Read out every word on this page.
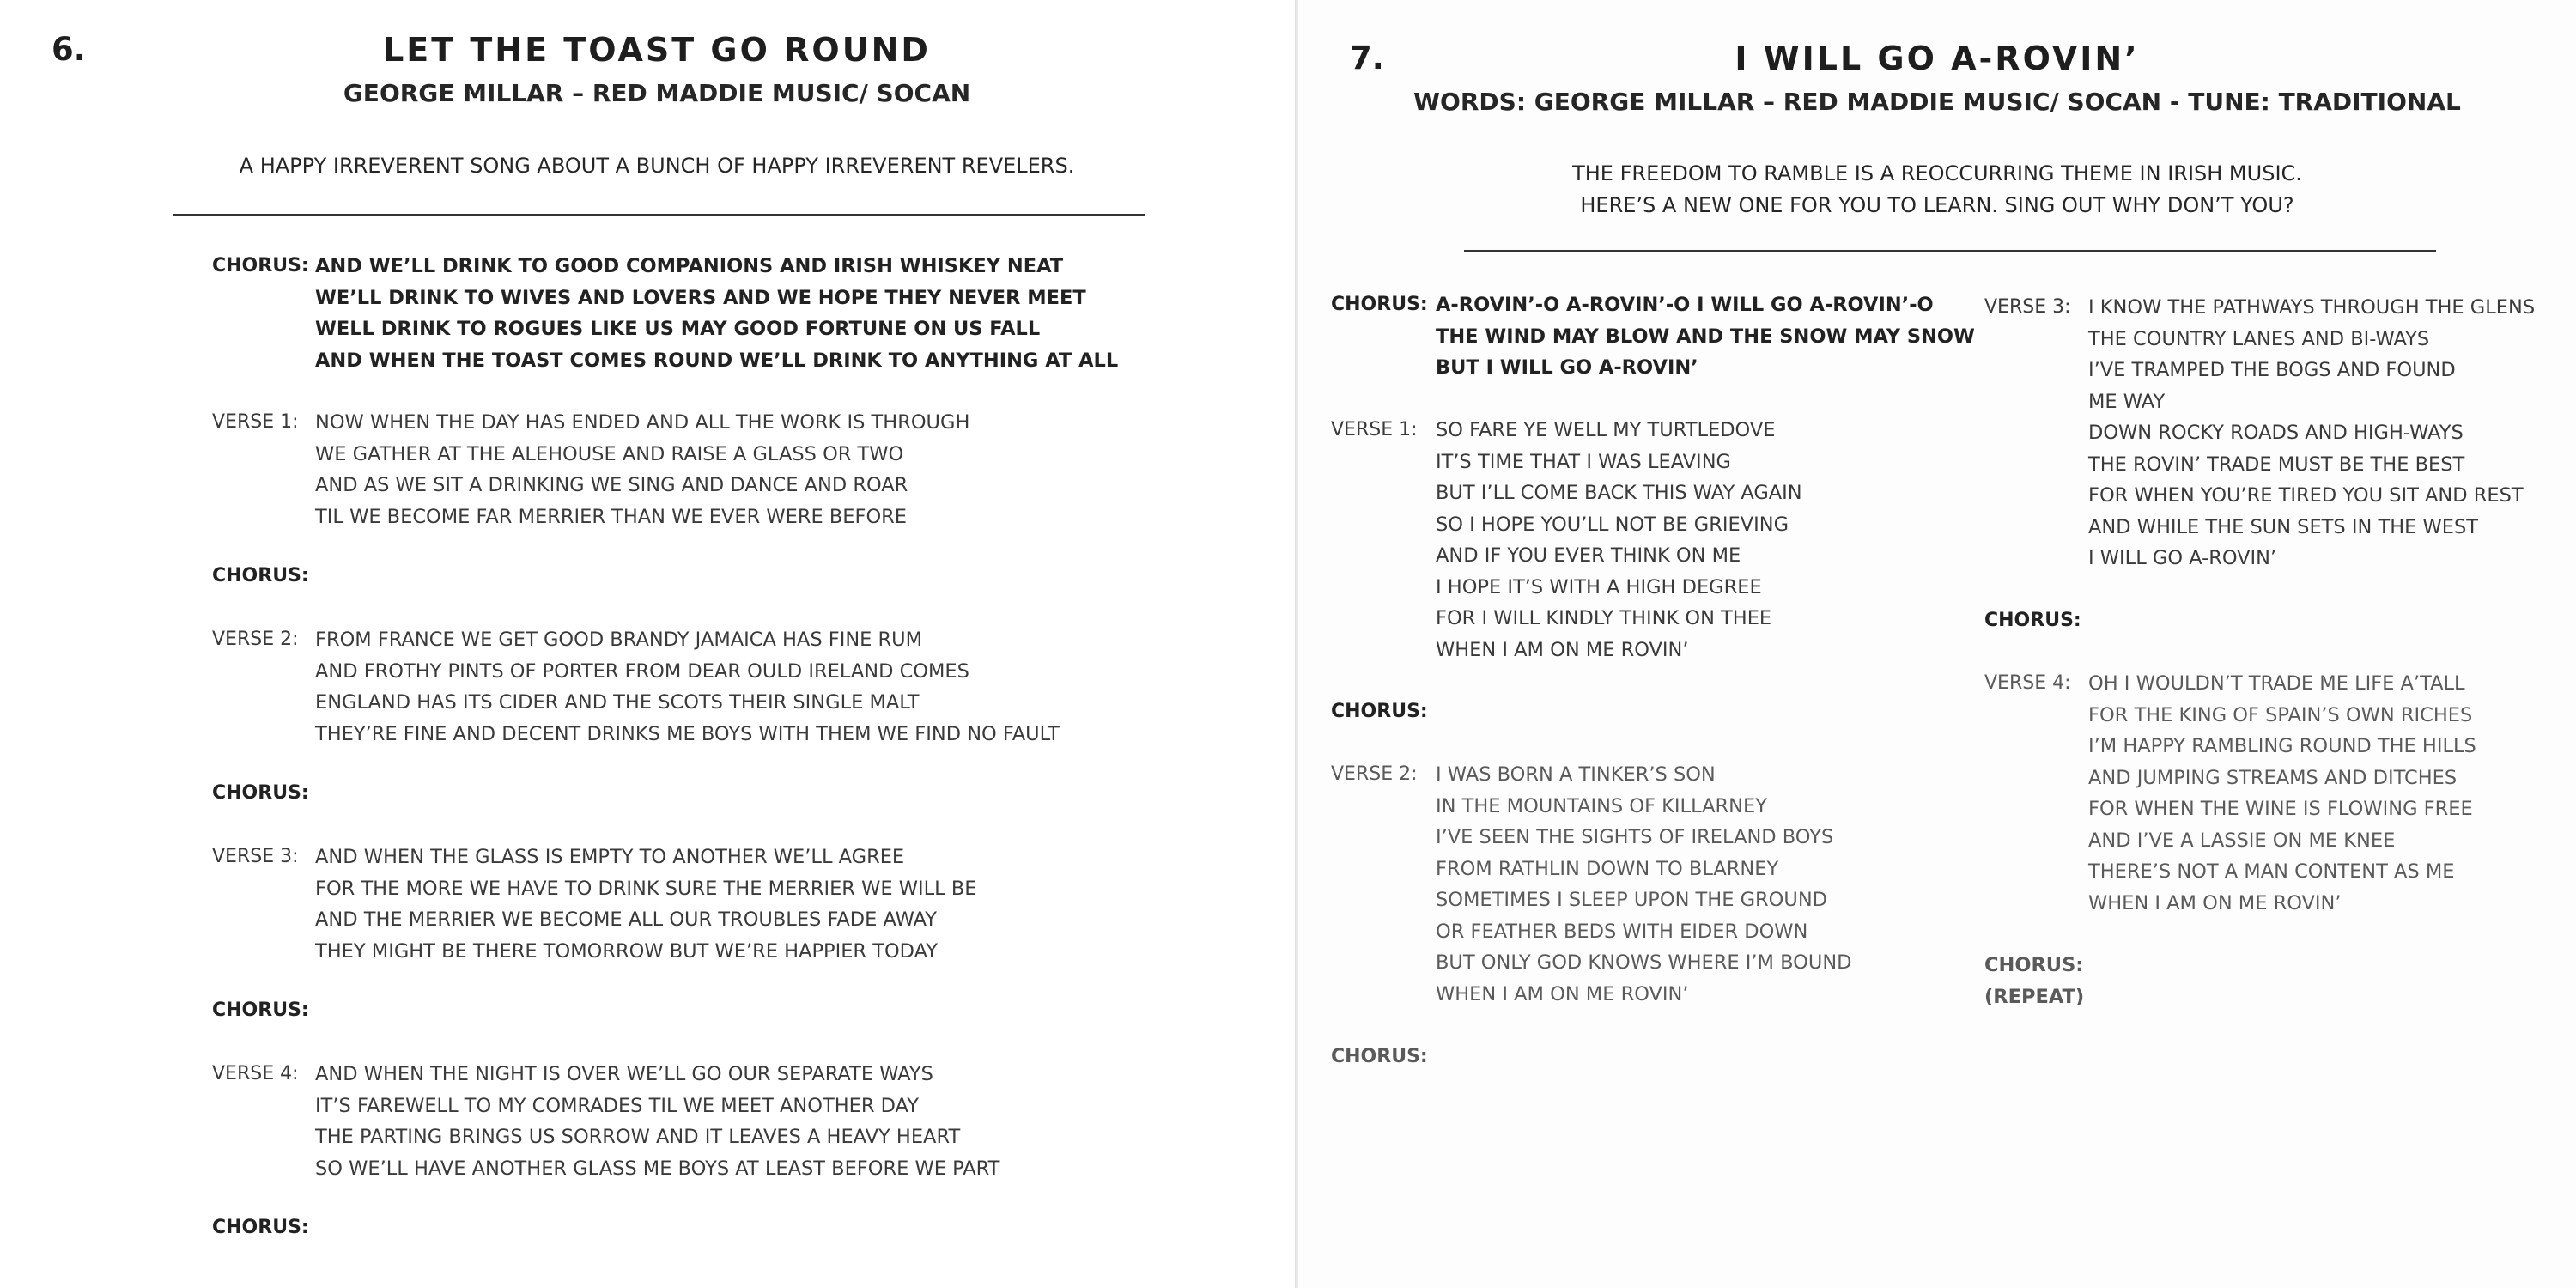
6.	LET THE TOAST GO ROUND
GEORGE MILLAR – RED MADDIE MUSIC/ SOCAN
A HAPPY IRREVERENT SONG ABOUT A BUNCH OF HAPPY IRREVERENT REVELERS.
CHORUS: AND WE’LL DRINK TO GOOD COMPANIONS AND IRISH WHISKEY NEAT
WE’LL DRINK TO WIVES AND LOVERS AND WE HOPE THEY NEVER MEET
WELL DRINK TO ROGUES LIKE US MAY GOOD FORTUNE ON US FALL
AND WHEN THE TOAST COMES ROUND WE’LL DRINK TO ANYTHING AT ALL
VERSE 1: NOW WHEN THE DAY HAS ENDED AND ALL THE WORK IS THROUGH
WE GATHER AT THE ALEHOUSE AND RAISE A GLASS OR TWO
AND AS WE SIT A DRINKING WE SING AND DANCE AND ROAR
TIL WE BECOME FAR MERRIER THAN WE EVER WERE BEFORE
CHORUS:
VERSE 2: FROM FRANCE WE GET GOOD BRANDY JAMAICA HAS FINE RUM
AND FROTHY PINTS OF PORTER FROM DEAR OULD IRELAND COMES
ENGLAND HAS ITS CIDER AND THE SCOTS THEIR SINGLE MALT
THEY’RE FINE AND DECENT DRINKS ME BOYS WITH THEM WE FIND NO FAULT
CHORUS:
VERSE 3: AND WHEN THE GLASS IS EMPTY TO ANOTHER WE’LL AGREE
FOR THE MORE WE HAVE TO DRINK SURE THE MERRIER WE WILL BE
AND THE MERRIER WE BECOME ALL OUR TROUBLES FADE AWAY
THEY MIGHT BE THERE TOMORROW BUT WE’RE HAPPIER TODAY
CHORUS:
VERSE 4: AND WHEN THE NIGHT IS OVER WE’LL GO OUR SEPARATE WAYS
IT’S FAREWELL TO MY COMRADES TIL WE MEET ANOTHER DAY
THE PARTING BRINGS US SORROW AND IT LEAVES A HEAVY HEART
SO WE’LL HAVE ANOTHER GLASS ME BOYS AT LEAST BEFORE WE PART
CHORUS:
7.	I WILL GO A-ROVIN’
WORDS: GEORGE MILLAR – RED MADDIE MUSIC/ SOCAN - TUNE: TRADITIONAL
THE FREEDOM TO RAMBLE IS A REOCCURRING THEME IN IRISH MUSIC.
HERE’S A NEW ONE FOR YOU TO LEARN. SING OUT WHY DON’T YOU?
CHORUS: A-ROVIN’-O A-ROVIN’-O I WILL GO A-ROVIN’-O
THE WIND MAY BLOW AND THE SNOW MAY SNOW
BUT I WILL GO A-ROVIN’
VERSE 1: SO FARE YE WELL MY TURTLEDOVE
IT’S TIME THAT I WAS LEAVING
BUT I’LL COME BACK THIS WAY AGAIN
SO I HOPE YOU’LL NOT BE GRIEVING
AND IF YOU EVER THINK ON ME
I HOPE IT’S WITH A HIGH DEGREE
FOR I WILL KINDLY THINK ON THEE
WHEN I AM ON ME ROVIN’
CHORUS:
VERSE 2: I WAS BORN A TINKER’S SON
IN THE MOUNTAINS OF KILLARNEY
I’VE SEEN THE SIGHTS OF IRELAND BOYS
FROM RATHLIN DOWN TO BLARNEY
SOMETIMES I SLEEP UPON THE GROUND
OR FEATHER BEDS WITH EIDER DOWN
BUT ONLY GOD KNOWS WHERE I’M BOUND
WHEN I AM ON ME ROVIN’
CHORUS:
VERSE 3: I KNOW THE PATHWAYS THROUGH THE GLENS
THE COUNTRY LANES AND BI-WAYS
I’VE TRAMPED THE BOGS AND FOUND
ME WAY
DOWN ROCKY ROADS AND HIGH-WAYS
THE ROVIN’ TRADE MUST BE THE BEST
FOR WHEN YOU’RE TIRED YOU SIT AND REST
AND WHILE THE SUN SETS IN THE WEST
I WILL GO A-ROVIN’
CHORUS:
VERSE 4: OH I WOULDN’T TRADE ME LIFE A’TALL
FOR THE KING OF SPAIN’S OWN RICHES
I’M HAPPY RAMBLING ROUND THE HILLS
AND JUMPING STREAMS AND DITCHES
FOR WHEN THE WINE IS FLOWING FREE
AND I’VE A LASSIE ON ME KNEE
THERE’S NOT A MAN CONTENT AS ME
WHEN I AM ON ME ROVIN’
CHORUS:
(REPEAT)
